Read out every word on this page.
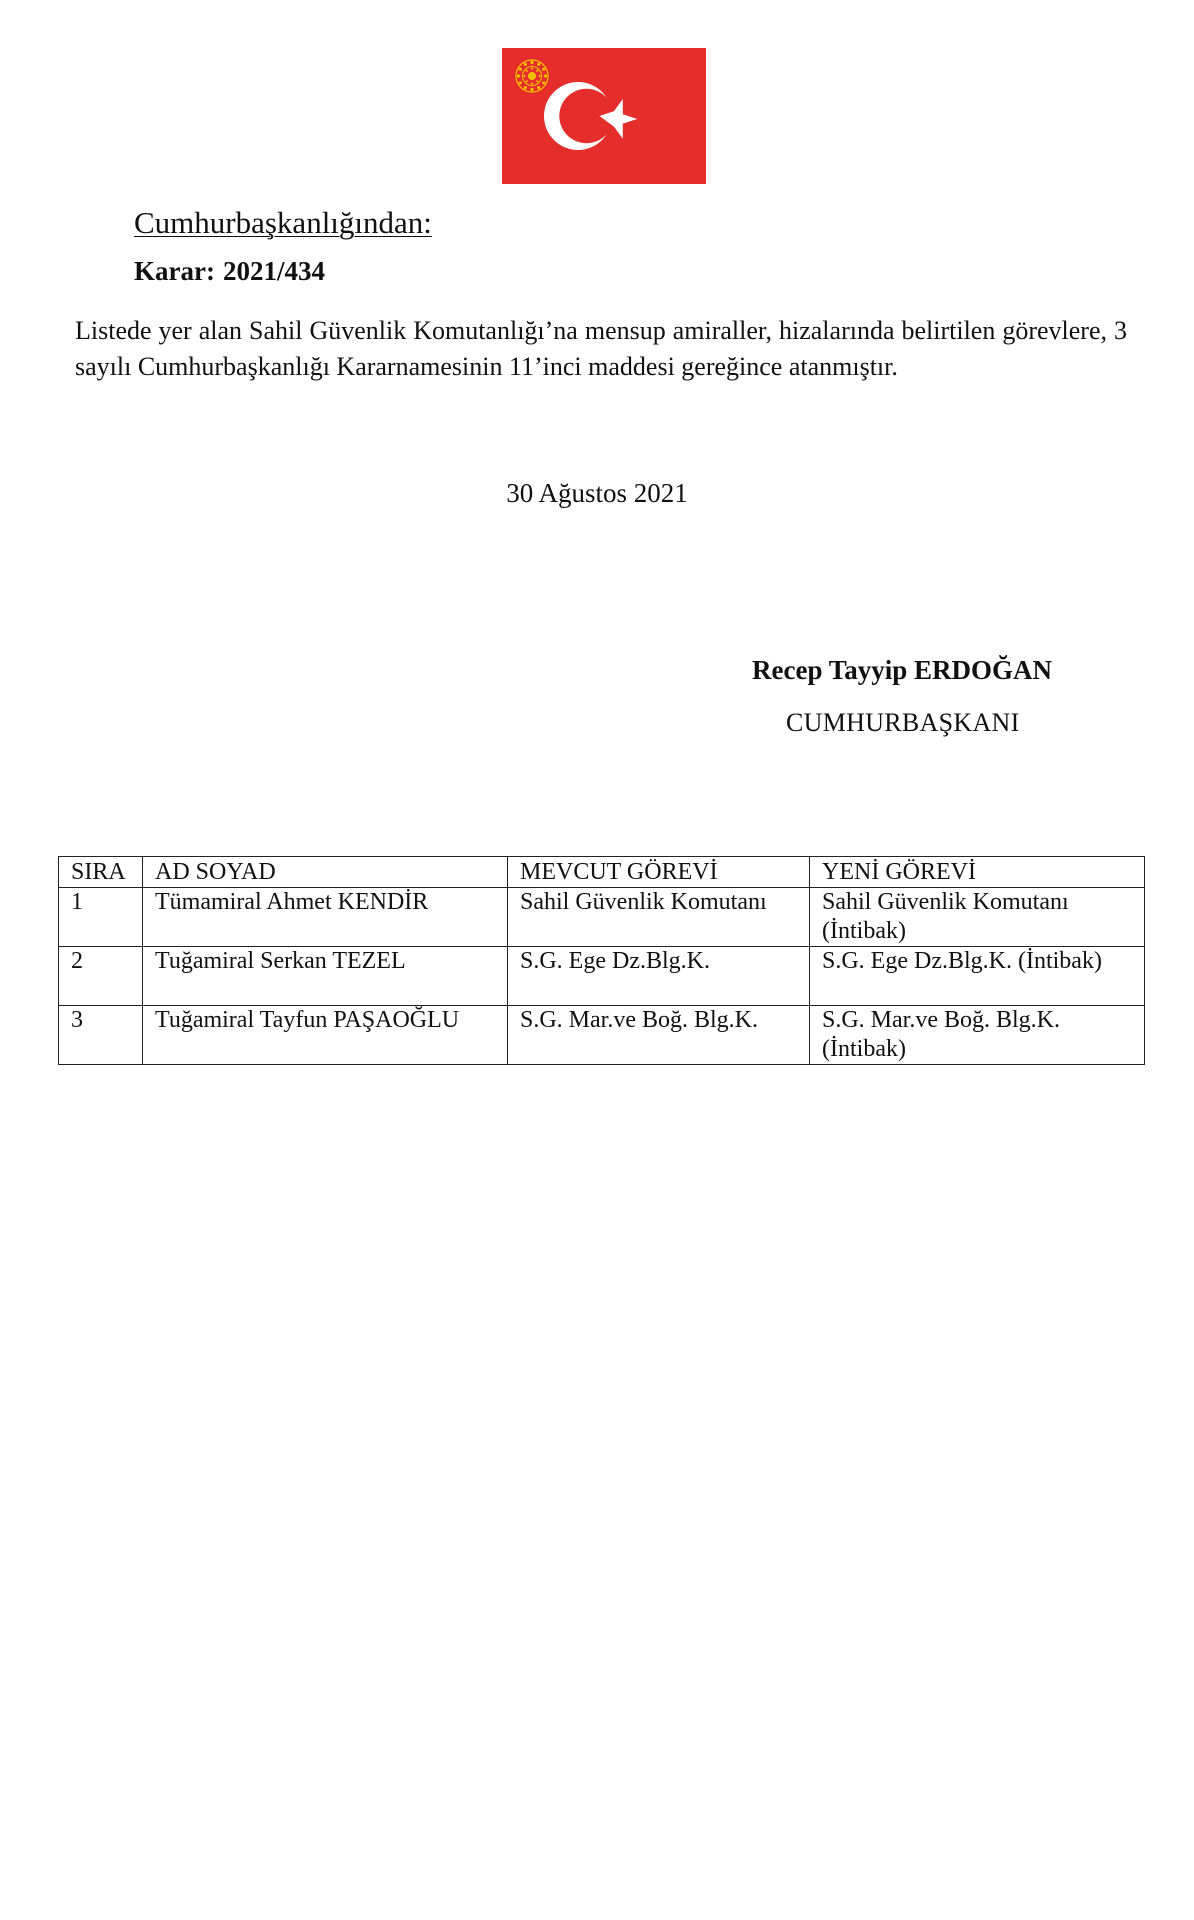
Cumhurbaşkanlığından:
Karar: 2021/434
Listede yer alan Sahil Güvenlik Komutanlığı’na mensup amiraller, hizalarında belirtilen görevlere, 3 sayılı Cumhurbaşkanlığı Kararnamesinin 11’inci maddesi gereğince atanmıştır.
30 Ağustos 2021
Recep Tayyip ERDOĞAN
CUMHURBAŞKANI
SIRA	AD SOYAD	MEVCUT GÖREVİ	YENİ GÖREVİ
1	Tümamiral Ahmet KENDİR	Sahil Güvenlik Komutanı	Sahil Güvenlik Komutanı (İntibak)
2	Tuğamiral Serkan TEZEL	S.G. Ege Dz.Blg.K.	S.G. Ege Dz.Blg.K. (İntibak)
3	Tuğamiral Tayfun PAŞAOĞLU	S.G. Mar.ve Boğ. Blg.K.	S.G. Mar.ve Boğ. Blg.K. (İntibak)
